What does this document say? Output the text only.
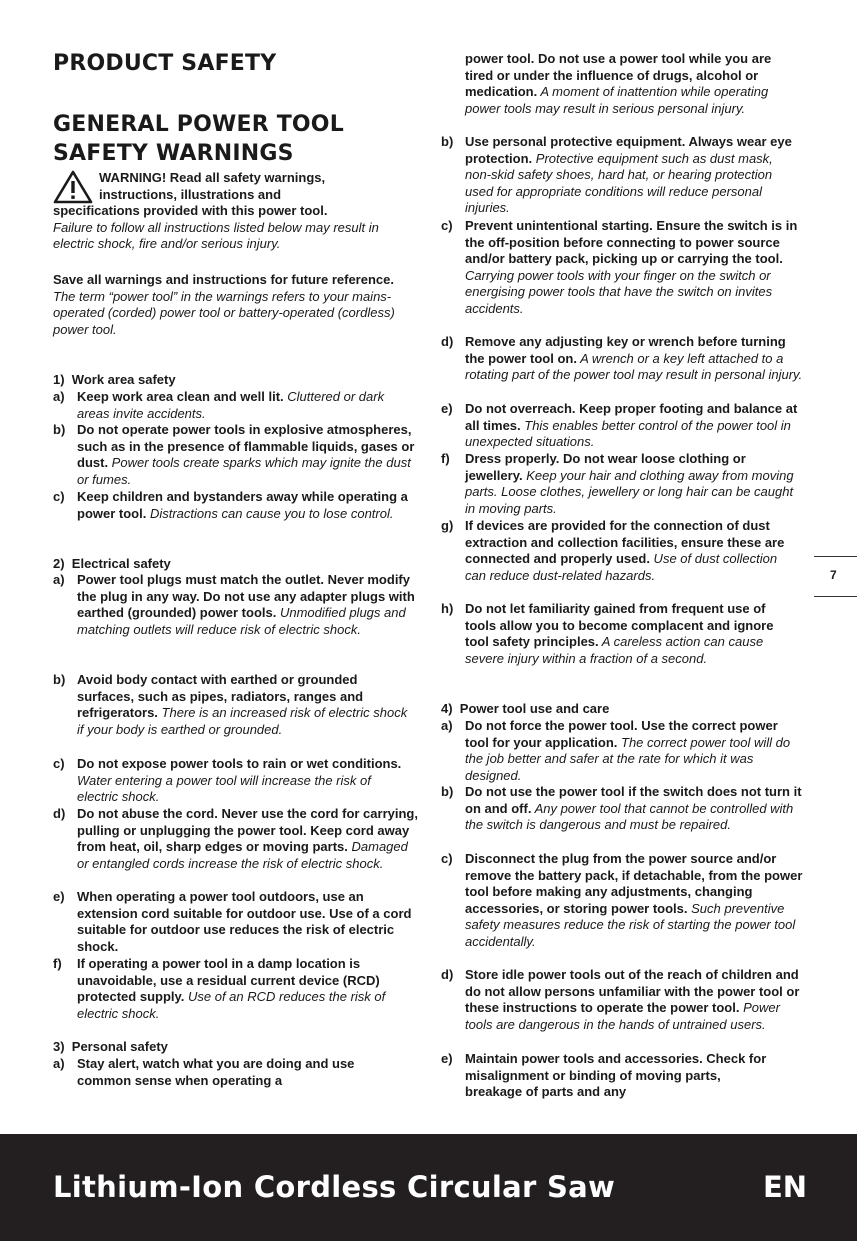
PRODUCT SAFETY
GENERAL POWER TOOL
SAFETY WARNINGS
WARNING! Read all safety warnings,
instructions, illustrations and
specifications provided with this power tool.
Failure to follow all instructions listed below may result in electric shock, fire and/or serious injury.
Save all warnings and instructions for future reference.
The term “power tool” in the warnings refers to your mains-operated (corded) power tool or battery-operated (cordless) power tool.
1)  Work area safety
a) Keep work area clean and well lit. Cluttered or dark areas invite accidents.
b) Do not operate power tools in explosive atmospheres, such as in the presence of flammable liquids, gases or dust. Power tools create sparks which may ignite the dust or fumes.
c) Keep children and bystanders away while operating a power tool. Distractions can cause you to lose control.
2)  Electrical safety
a) Power tool plugs must match the outlet. Never modify the plug in any way. Do not use any adapter plugs with earthed (grounded) power tools. Unmodified plugs and matching outlets will reduce risk of electric shock.
b) Avoid body contact with earthed or grounded surfaces, such as pipes, radiators, ranges and refrigerators. There is an increased risk of electric shock if your body is earthed or grounded.
c) Do not expose power tools to rain or wet conditions. Water entering a power tool will increase the risk of electric shock.
d) Do not abuse the cord. Never use the cord for carrying, pulling or unplugging the power tool. Keep cord away from heat, oil, sharp edges or moving parts. Damaged or entangled cords increase the risk of electric shock.
e) When operating a power tool outdoors, use an extension cord suitable for outdoor use. Use of a cord suitable for outdoor use reduces the risk of electric shock.
f) If operating a power tool in a damp location is unavoidable, use a residual current device (RCD) protected supply. Use of an RCD reduces the risk of electric shock.
3)  Personal safety
a) Stay alert, watch what you are doing and use common sense when operating a
power tool. Do not use a power tool while you are tired or under the influence of drugs, alcohol or medication. A moment of inattention while operating power tools may result in serious personal injury.
b) Use personal protective equipment. Always wear eye protection. Protective equipment such as dust mask, non-skid safety shoes, hard hat, or hearing protection used for appropriate conditions will reduce personal injuries.
c) Prevent unintentional starting. Ensure the switch is in the off-position before connecting to power source and/or battery pack, picking up or carrying the tool. Carrying power tools with your finger on the switch or energising power tools that have the switch on invites accidents.
d) Remove any adjusting key or wrench before turning the power tool on. A wrench or a key left attached to a rotating part of the power tool may result in personal injury.
e) Do not overreach. Keep proper footing and balance at all times. This enables better control of the power tool in unexpected situations.
f) Dress properly. Do not wear loose clothing or jewellery. Keep your hair and clothing away from moving parts. Loose clothes, jewellery or long hair can be caught in moving parts.
g) If devices are provided for the connection of dust extraction and collection facilities, ensure these are connected and properly used. Use of dust collection can reduce dust-related hazards.
h) Do not let familiarity gained from frequent use of tools allow you to become complacent and ignore tool safety principles. A careless action can cause severe injury within a fraction of a second.
4)  Power tool use and care
a) Do not force the power tool. Use the correct power tool for your application. The correct power tool will do the job better and safer at the rate for which it was designed.
b) Do not use the power tool if the switch does not turn it on and off. Any power tool that cannot be controlled with the switch is dangerous and must be repaired.
c) Disconnect the plug from the power source and/or remove the battery pack, if detachable, from the power tool before making any adjustments, changing accessories, or storing power tools. Such preventive safety measures reduce the risk of starting the power tool accidentally.
d) Store idle power tools out of the reach of children and do not allow persons unfamiliar with the power tool or these instructions to operate the power tool. Power tools are dangerous in the hands of untrained users.
e) Maintain power tools and accessories. Check for misalignment or binding of moving parts, breakage of parts and any
7
Lithium-Ion Cordless Circular Saw	EN
